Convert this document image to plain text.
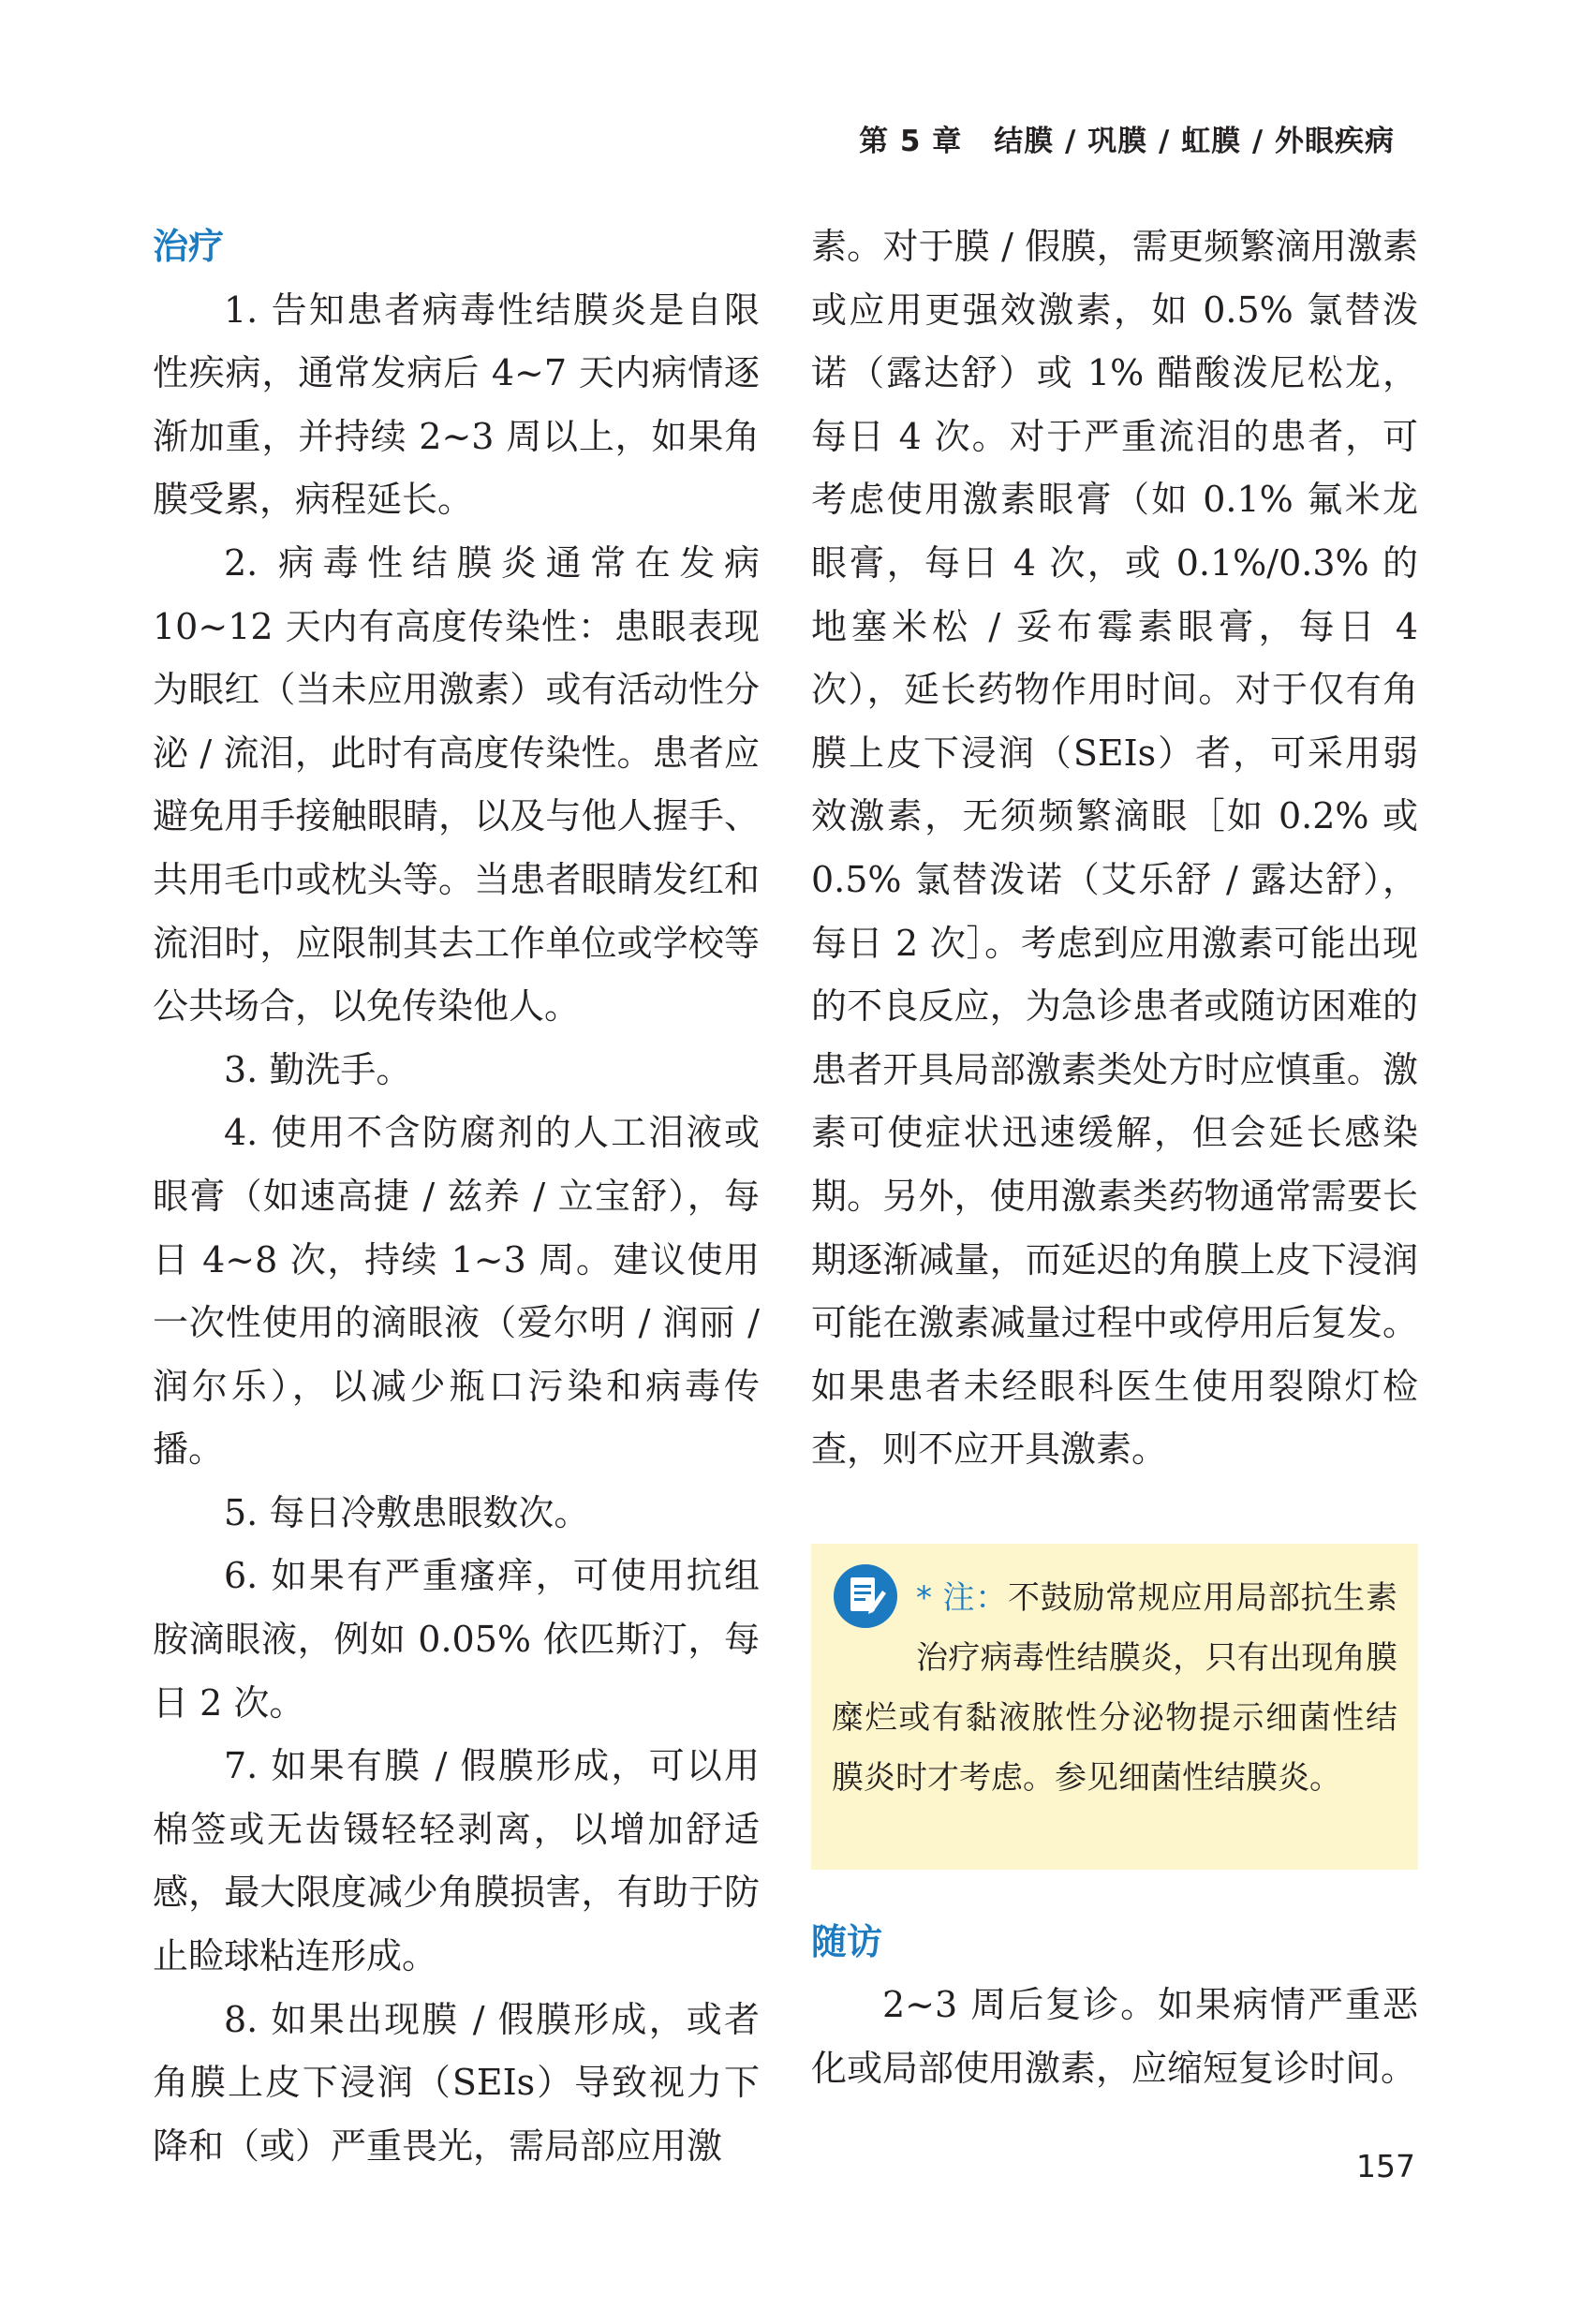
第 5 章 结膜 / 巩膜 / 虹膜 / 外眼疾病
治疗

1. 告知患者病毒性结膜炎是自限性疾病，通常发病后 4~7 天内病情逐渐加重，并持续 2~3 周以上，如果角膜受累，病程延长。

2. 病毒性结膜炎通常在发病 10~12 天内有高度传染性：患眼表现为眼红（当未应用激素）或有活动性分泌 / 流泪，此时有高度传染性。患者应避免用手接触眼睛，以及与他人握手、共用毛巾或枕头等。当患者眼睛发红和流泪时，应限制其去工作单位或学校等公共场合，以免传染他人。

3. 勤洗手。

4. 使用不含防腐剂的人工泪液或眼膏（如速高捷 / 兹养 / 立宝舒），每日 4~8 次，持续 1~3 周。建议使用一次性使用的滴眼液（爱尔明 / 润丽 / 润尔乐），以减少瓶口污染和病毒传播。

5. 每日冷敷患眼数次。

6. 如果有严重瘙痒，可使用抗组胺滴眼液，例如 0.05% 依匹斯汀，每日 2 次。

7. 如果有膜 / 假膜形成，可以用棉签或无齿镊轻轻剥离，以增加舒适感，最大限度减少角膜损害，有助于防止睑球粘连形成。

8. 如果出现膜 / 假膜形成，或者角膜上皮下浸润（SEIs）导致视力下降和（或）严重畏光，需局部应用激

素。对于膜 / 假膜，需更频繁滴用激素或应用更强效激素，如 0.5% 氯替泼诺（露达舒）或 1% 醋酸泼尼松龙，每日 4 次。对于严重流泪的患者，可考虑使用激素眼膏（如 0.1% 氟米龙眼膏，每日 4 次，或 0.1%/0.3% 的地塞米松 / 妥布霉素眼膏，每日 4 次），延长药物作用时间。对于仅有角膜上皮下浸润（SEIs）者，可采用弱效激素，无须频繁滴眼［如 0.2% 或 0.5% 氯替泼诺（艾乐舒 / 露达舒），每日 2 次］。考虑到应用激素可能出现的不良反应，为急诊患者或随访困难的患者开具局部激素类处方时应慎重。激素可使症状迅速缓解，但会延长感染期。另外，使用激素类药物通常需要长期逐渐减量，而延迟的角膜上皮下浸润可能在激素减量过程中或停用后复发。如果患者未经眼科医生使用裂隙灯检查，则不应开具激素。

* 注：不鼓励常规应用局部抗生素治疗病毒性结膜炎，只有出现角膜糜烂或有黏液脓性分泌物提示细菌性结膜炎时才考虑。参见细菌性结膜炎。
随访

2~3 周后复诊。如果病情严重恶化或局部使用激素，应缩短复诊时间。

157
